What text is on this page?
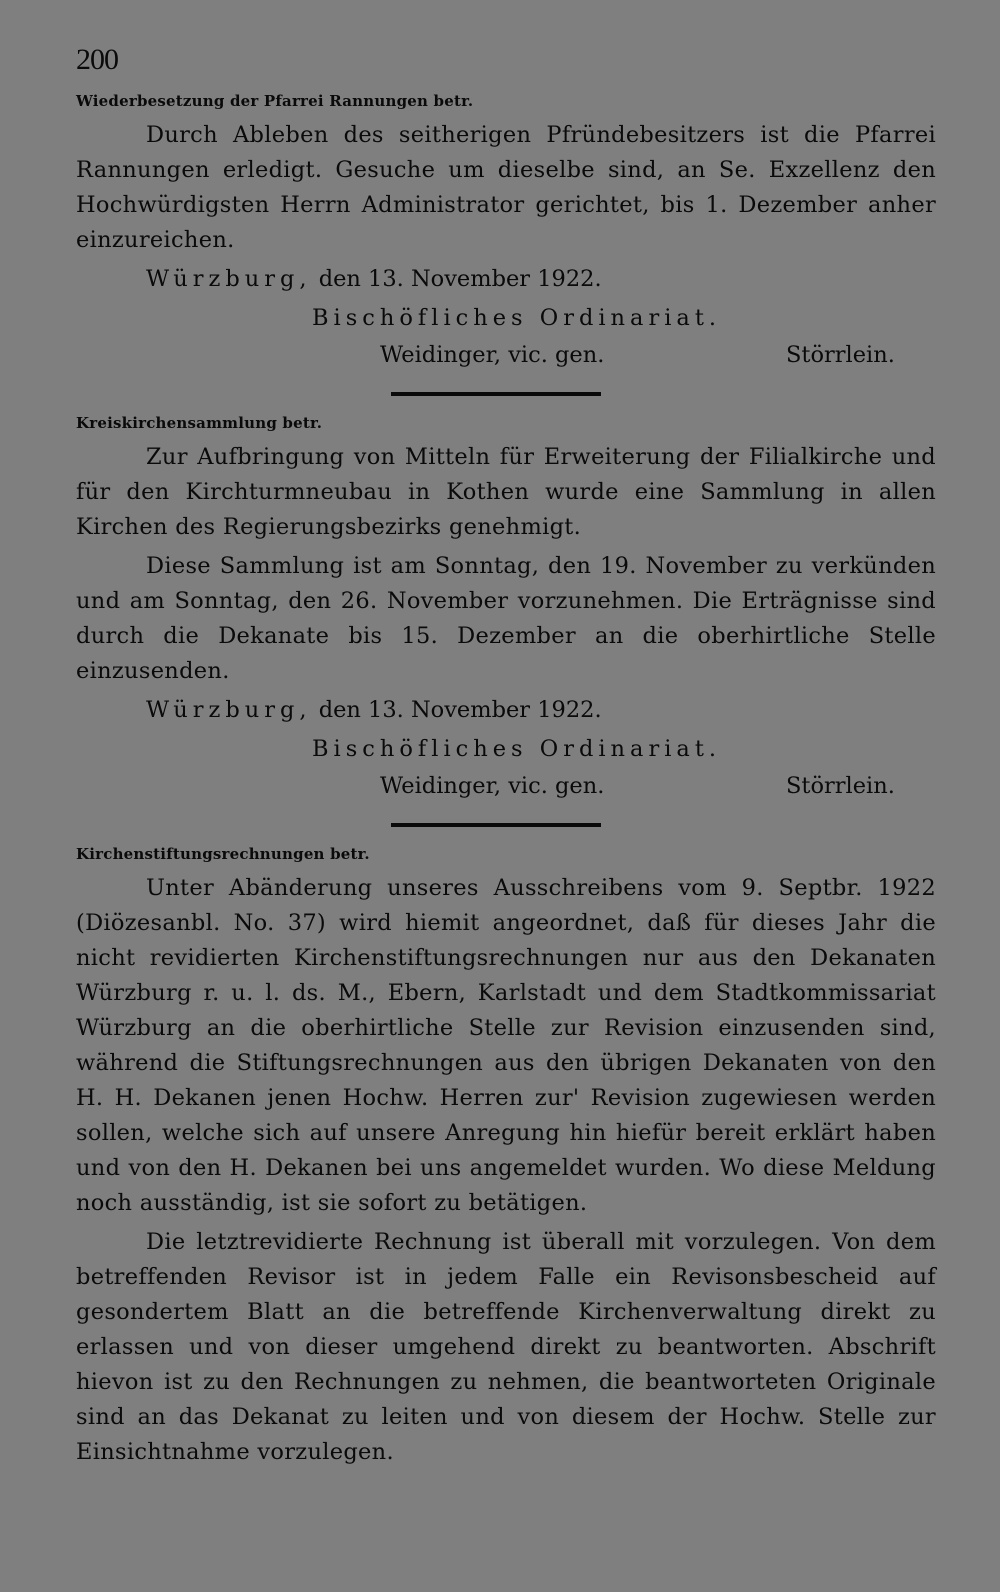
200
Wiederbesetzung der Pfarrei Rannungen betr.

Durch Ableben des seitherigen Pfründebesitzers ist die Pfarrei Rannungen erledigt. Gesuche um dieselbe sind, an Se. Exzellenz den Hochwürdigsten Herrn Administrator gerichtet, bis 1. Dezember anher einzureichen.

Würzburg, den 13. November 1922.
Bischöfliches Ordinariat.
Weidinger, vic. gen.	Störrlein.
Kreiskirchensammlung betr.

Zur Aufbringung von Mitteln für Erweiterung der Filialkirche und für den Kirchturmneubau in Kothen wurde eine Sammlung in allen Kirchen des Regierungsbezirks genehmigt.

Diese Sammlung ist am Sonntag, den 19. November zu verkünden und am Sonntag, den 26. November vorzunehmen. Die Erträgnisse sind durch die Dekanate bis 15. Dezember an die oberhirtliche Stelle einzusenden.

Würzburg, den 13. November 1922.
Bischöfliches Ordinariat.
Weidinger, vic. gen.	Störrlein.
Kirchenstiftungsrechnungen betr.

Unter Abänderung unseres Ausschreibens vom 9. Septbr. 1922 (Diözesanbl. No. 37) wird hiemit angeordnet, daß für dieses Jahr die nicht revidierten Kirchenstiftungsrechnungen nur aus den Dekanaten Würzburg r. u. l. ds. M., Ebern, Karlstadt und dem Stadtkommissariat Würzburg an die oberhirtliche Stelle zur Revision einzusenden sind, während die Stiftungsrechnungen aus den übrigen Dekanaten von den H. H. Dekanen jenen Hochw. Herren zur' Revision zugewiesen werden sollen, welche sich auf unsere Anregung hin hiefür bereit erklärt haben und von den H. Dekanen bei uns angemeldet wurden. Wo diese Meldung noch ausständig, ist sie sofort zu betätigen.

Die letztrevidierte Rechnung ist überall mit vorzulegen. Von dem betreffenden Revisor ist in jedem Falle ein Revisonsbescheid auf gesondertem Blatt an die betreffende Kirchenverwaltung direkt zu erlassen und von dieser umgehend direkt zu beantworten. Abschrift hievon ist zu den Rechnungen zu nehmen, die beantworteten Originale sind an das Dekanat zu leiten und von diesem der Hochw. Stelle zur Einsichtnahme vorzulegen.
